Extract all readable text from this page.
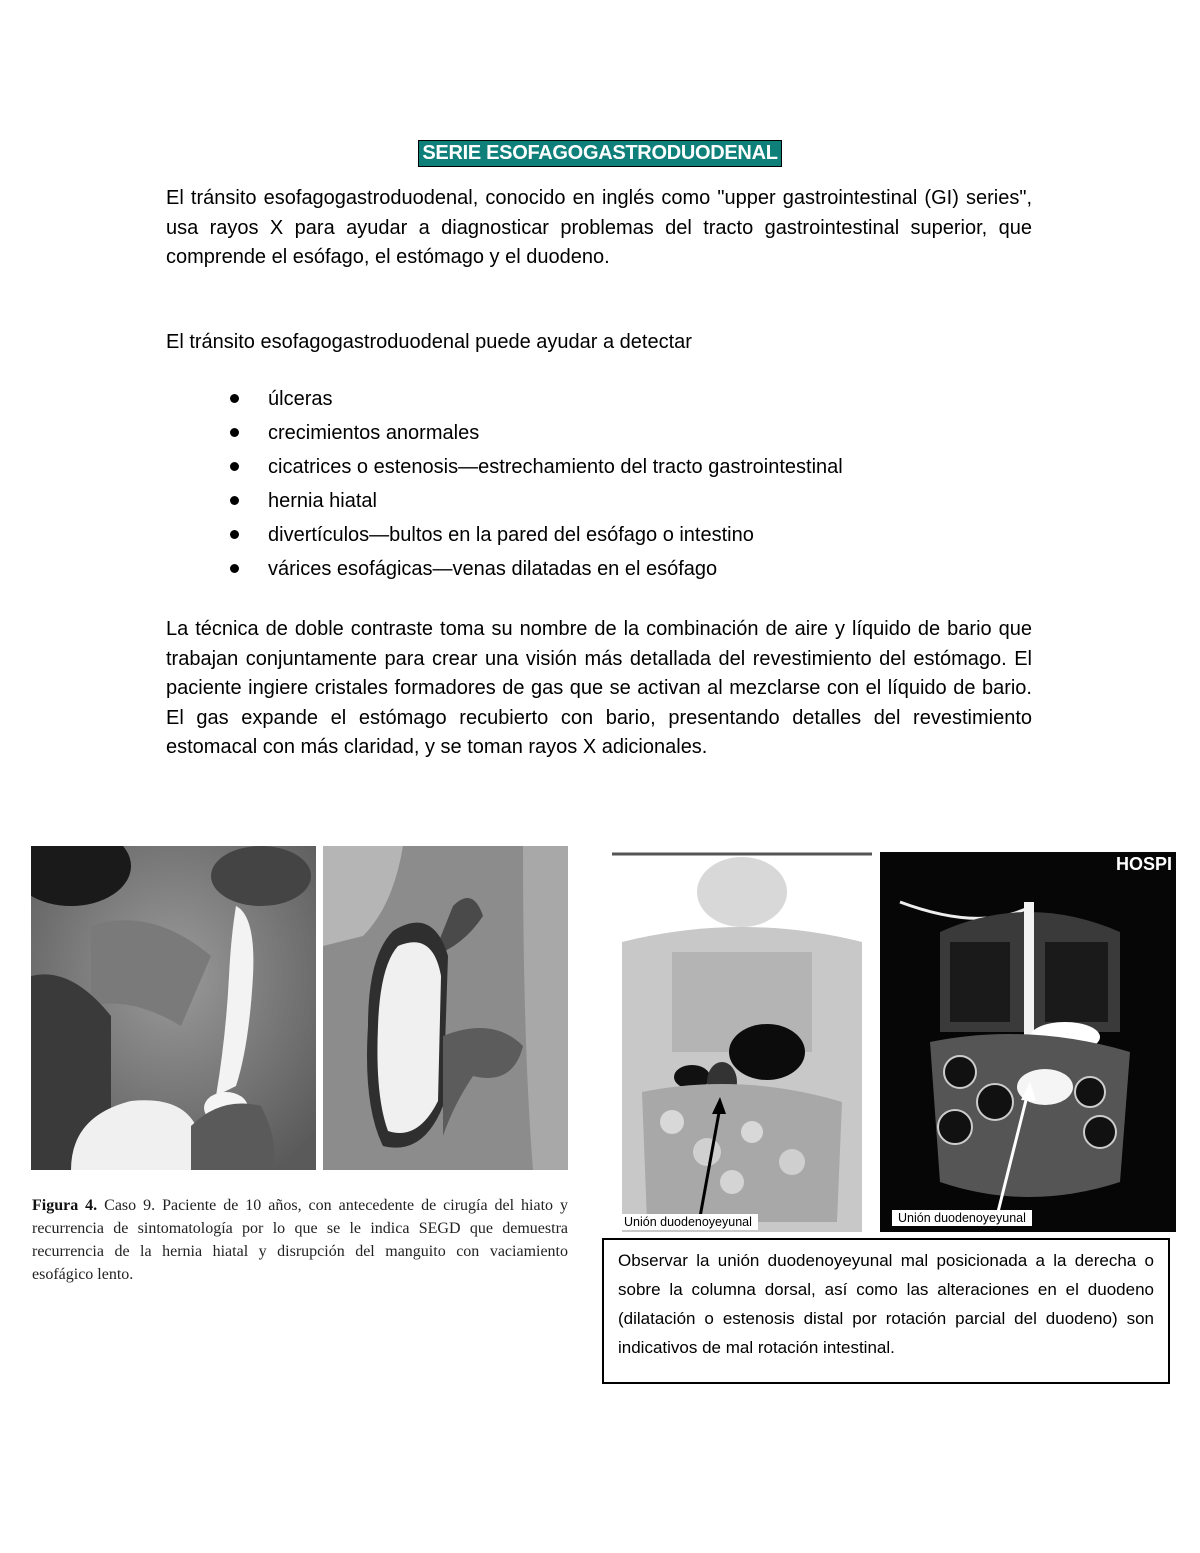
SERIE ESOFAGOGASTRODUODENAL

El tránsito esofagogastroduodenal, conocido en inglés como "upper gastrointestinal (GI) series", usa rayos X para ayudar a diagnosticar problemas del tracto gastrointestinal superior, que comprende el esófago, el estómago y el duodeno.

El tránsito esofagogastroduodenal puede ayudar a detectar

úlceras
crecimientos anormales
cicatrices o estenosis—estrechamiento del tracto gastrointestinal
hernia hiatal
divertículos—bultos en la pared del esófago o intestino
várices esofágicas—venas dilatadas en el esófago

La técnica de doble contraste toma su nombre de la combinación de aire y líquido de bario que trabajan conjuntamente para crear una visión más detallada del revestimiento del estómago. El paciente ingiere cristales formadores de gas que se activan al mezclarse con el líquido de bario. El gas expande el estómago recubierto con bario, presentando detalles del revestimiento estomacal con más claridad, y se toman rayos X adicionales.

Figura 4. Caso 9. Paciente de 10 años, con antecedente de cirugía del hiato y recurrencia de sintomatología por lo que se le indica SEGD que demuestra recurrencia de la hernia hiatal y disrupción del manguito con vaciamiento esofágico lento.

Unión duodenoyeyunal	Unión duodenoyeyunal
HOSPI

Observar la unión duodenoyeyunal mal posicionada a la derecha o sobre la columna dorsal, así como las alteraciones en el duodeno (dilatación o estenosis distal por rotación parcial del duodeno) son indicativos de mal rotación intestinal.
